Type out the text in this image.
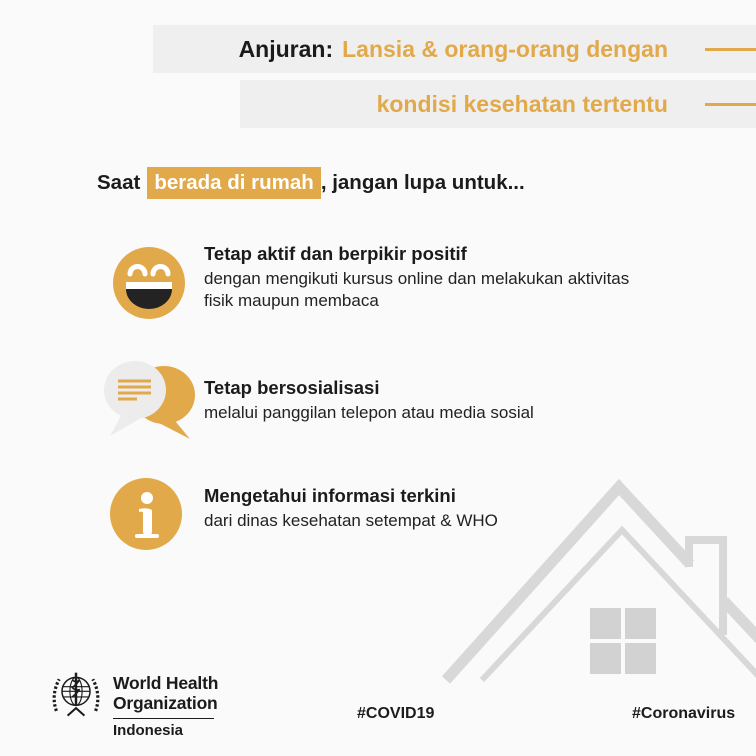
Anjuran: Lansia & orang-orang dengan
kondisi kesehatan tertentu
Saat berada di rumah , jangan lupa untuk...
Tetap aktif dan berpikir positif

dengan mengikuti kursus online dan melakukan aktivitas fisik maupun membaca

Tetap bersosialisasi

melalui panggilan telepon atau media sosial

Mengetahui informasi terkini

dari dinas kesehatan setempat & WHO

World Health
Organization
Indonesia
#COVID19	#Coronavirus
